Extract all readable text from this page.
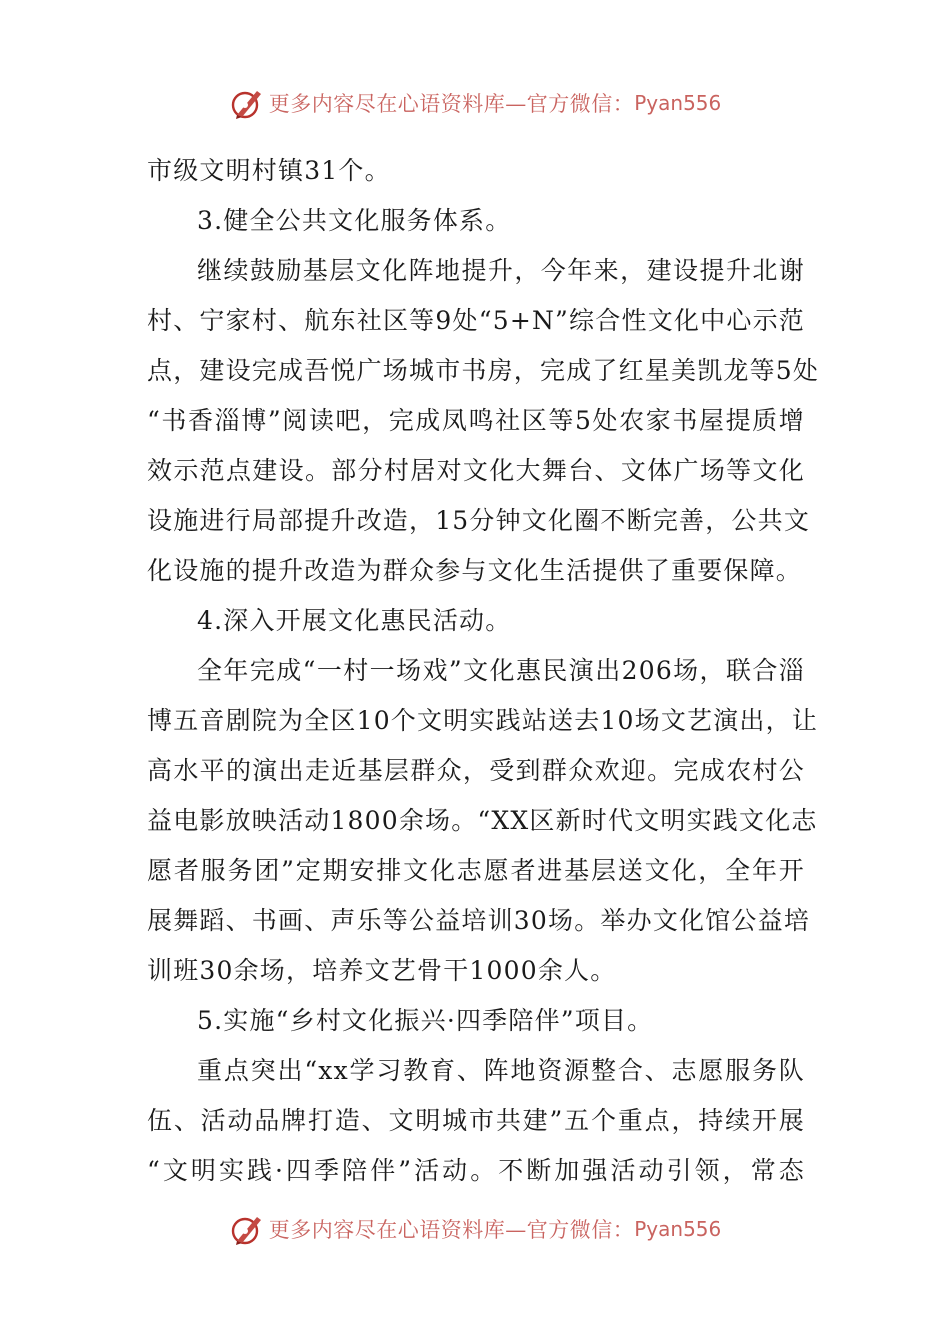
更多内容尽在心语资料库—官方微信： Pyan556
市级文明村镇31个。
3.健全公共文化服务体系。
继续鼓励基层文化阵地提升，今年来，建设提升北谢
村、宁家村、航东社区等9处“5+N”综合性文化中心示范
点，建设完成吾悦广场城市书房，完成了红星美凯龙等5处
“书香淄博”阅读吧，完成凤鸣社区等5处农家书屋提质增
效示范点建设。部分村居对文化大舞台、文体广场等文化
设施进行局部提升改造，15分钟文化圈不断完善，公共文
化设施的提升改造为群众参与文化生活提供了重要保障。
4.深入开展文化惠民活动。
全年完成“一村一场戏”文化惠民演出206场，联合淄
博五音剧院为全区10个文明实践站送去10场文艺演出，让
高水平的演出走近基层群众，受到群众欢迎。完成农村公
益电影放映活动1800余场。“XX区新时代文明实践文化志
愿者服务团”定期安排文化志愿者进基层送文化，全年开
展舞蹈、书画、声乐等公益培训30场。举办文化馆公益培
训班30余场，培养文艺骨干1000余人。
5.实施“乡村文化振兴·四季陪伴”项目。
重点突出“xx学习教育、阵地资源整合、志愿服务队
伍、活动品牌打造、文明城市共建”五个重点，持续开展
“文明实践·四季陪伴”活动。不断加强活动引领，常态
更多内容尽在心语资料库—官方微信： Pyan556
